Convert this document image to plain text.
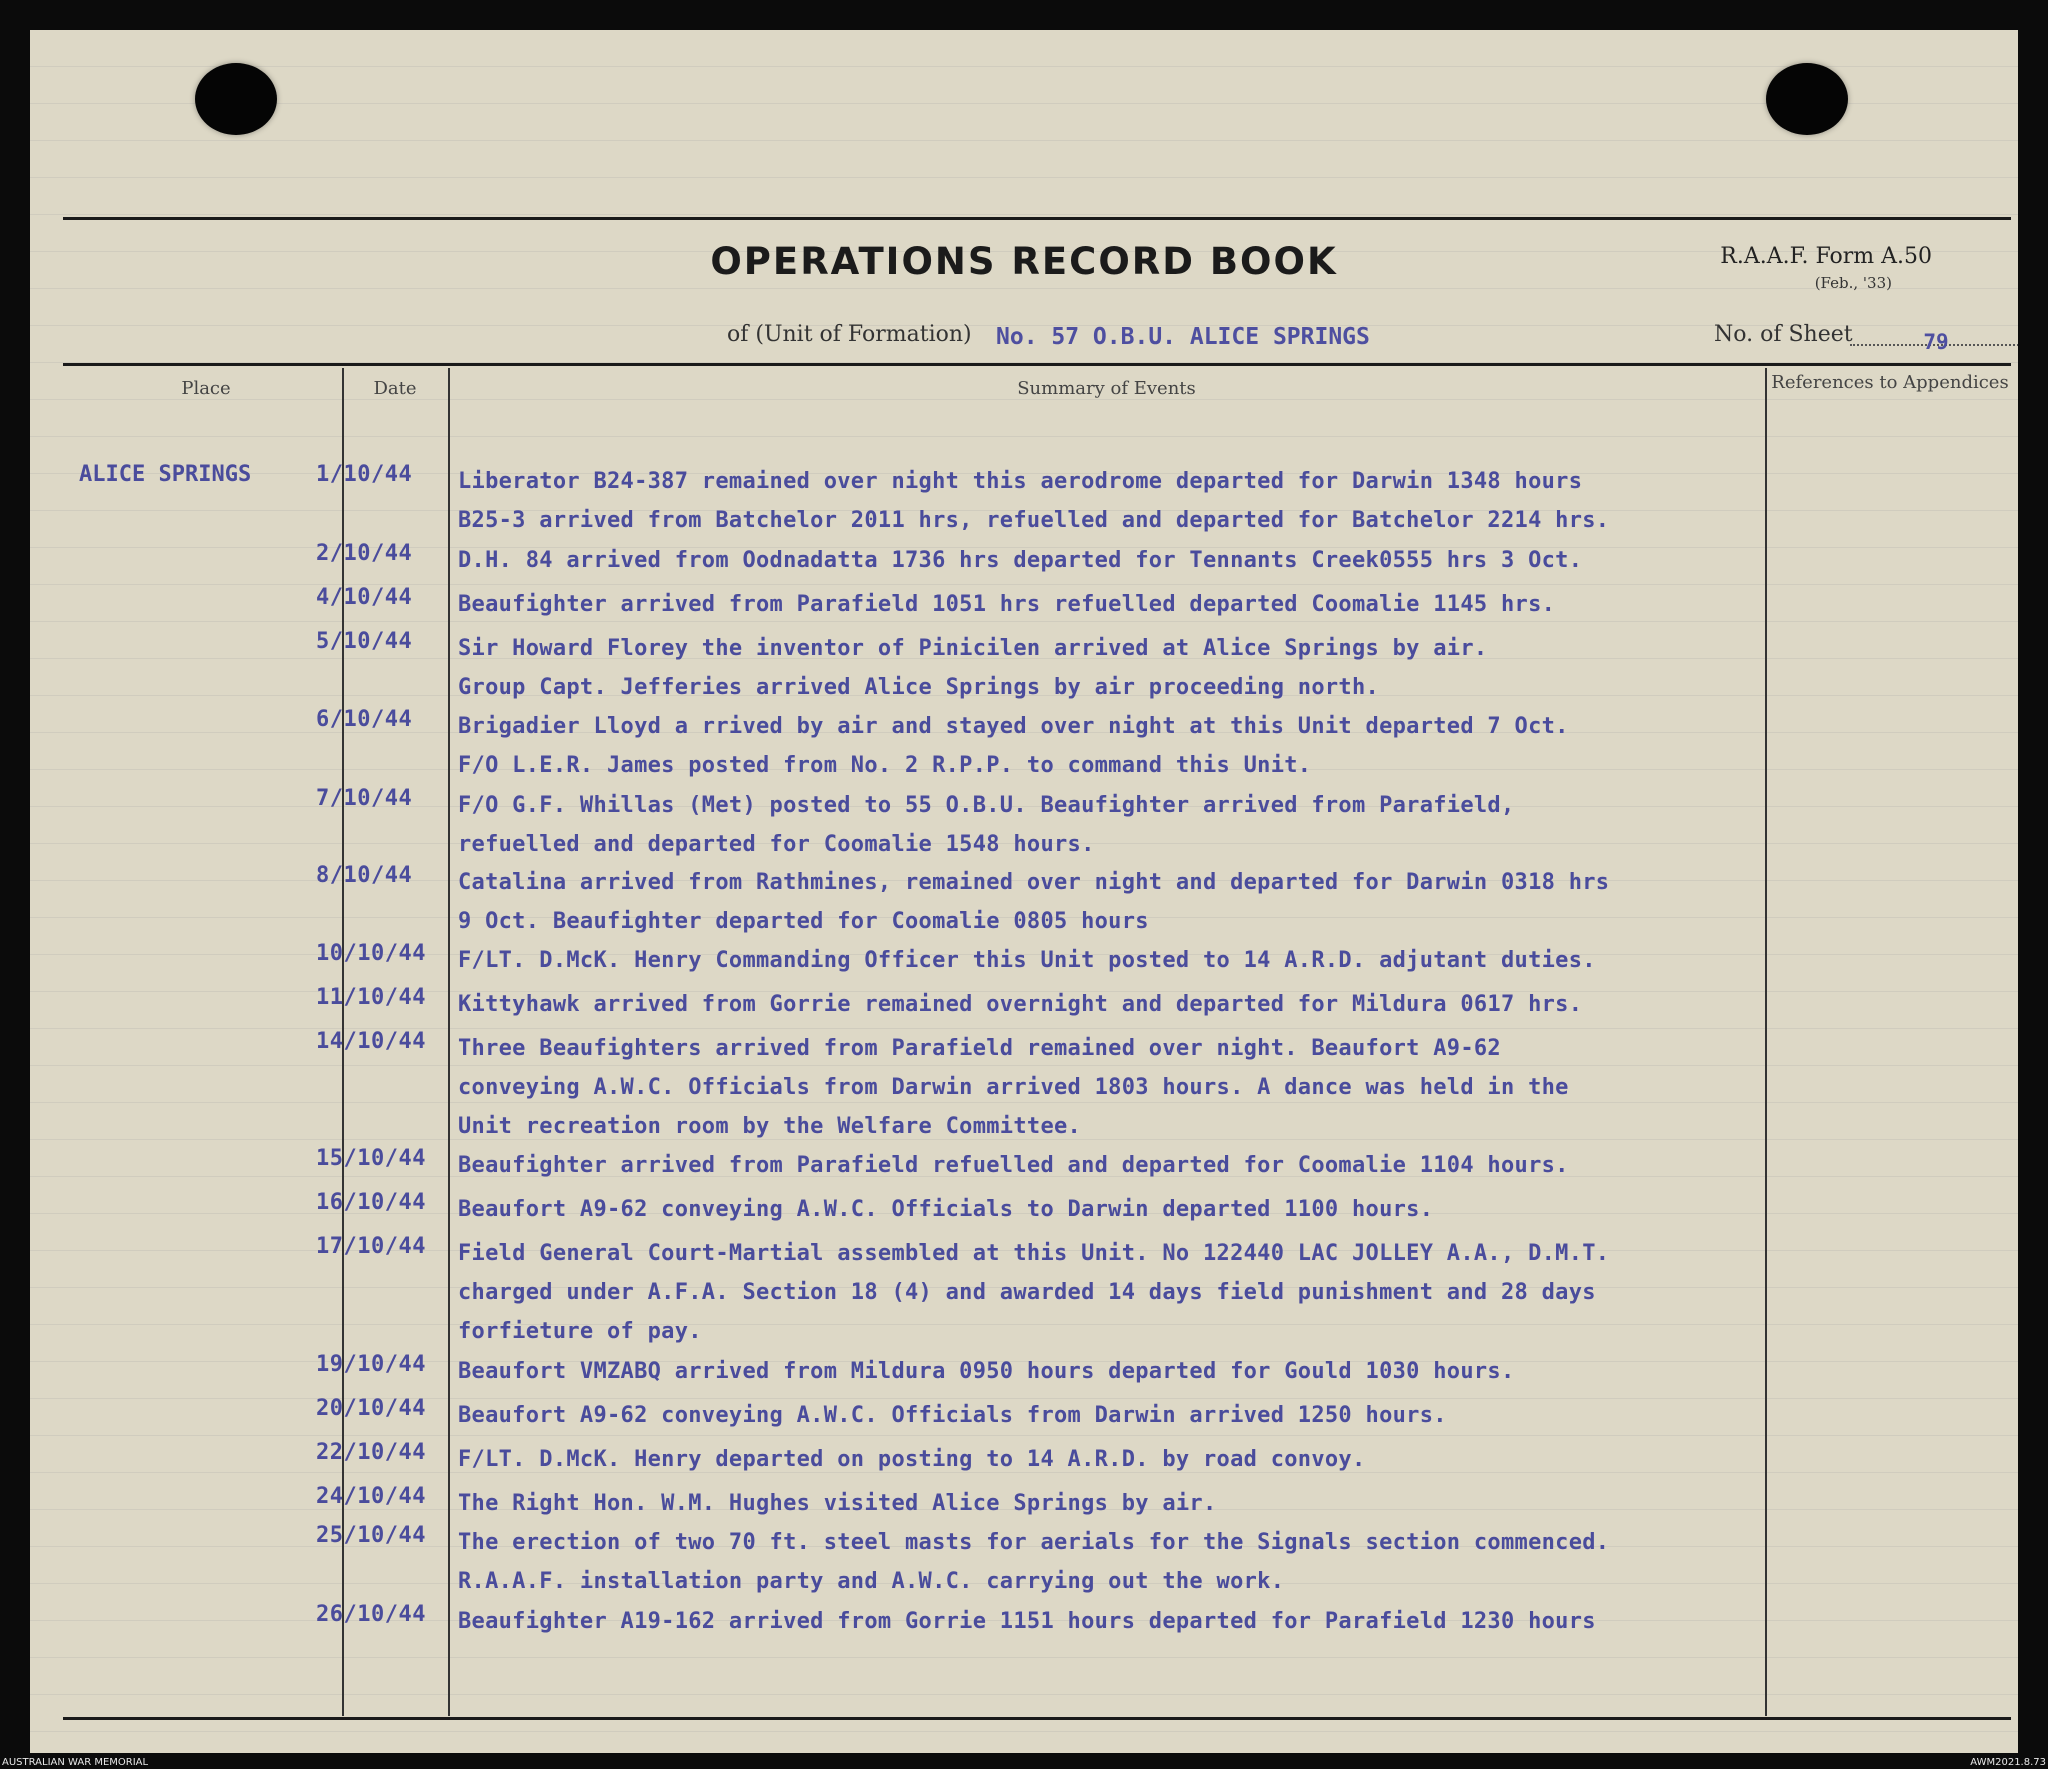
OPERATIONS RECORD BOOK	R.A.A.F. Form A.50
(Feb., '33)
of (Unit of Formation) No. 57 O.B.U. ALICE SPRINGS	No. of Sheet	79
Place	Date	Summary of Events	References to Appendices
ALICE SPRINGS	1/10/44 Liberator B24-387 remained over night this aerodrome departed for Darwin 1348 hours
B25-3 arrived from Batchelor 2011 hrs, refuelled and departed for Batchelor 2214 hrs.
2/10/44 D.H. 84 arrived from Oodnadatta 1736 hrs departed for Tennants Creek0555 hrs 3 Oct.
4/10/44 Beaufighter arrived from Parafield 1051 hrs refuelled departed Coomalie 1145 hrs.
5/10/44 Sir Howard Florey the inventor of Pinicilen arrived at Alice Springs by air.
Group Capt. Jefferies arrived Alice Springs by air proceeding north.
6/10/44 Brigadier Lloyd a rrived by air and stayed over night at this Unit departed 7 Oct.
F/O L.E.R. James posted from No. 2 R.P.P. to command this Unit.
7/10/44 F/O G.F. Whillas (Met) posted to 55 O.B.U. Beaufighter arrived from Parafield,
refuelled and departed for Coomalie 1548 hours.
8/10/44 Catalina arrived from Rathmines, remained over night and departed for Darwin 0318 hrs
9 Oct. Beaufighter departed for Coomalie 0805 hours
10/10/44 F/LT. D.McK. Henry Commanding Officer this Unit posted to 14 A.R.D. adjutant duties.
11/10/44 Kittyhawk arrived from Gorrie remained overnight and departed for Mildura 0617 hrs.
14/10/44 Three Beaufighters arrived from Parafield remained over night. Beaufort A9-62
conveying A.W.C. Officials from Darwin arrived 1803 hours. A dance was held in the
Unit recreation room by the Welfare Committee.
15/10/44 Beaufighter arrived from Parafield refuelled and departed for Coomalie 1104 hours.
16/10/44 Beaufort A9-62 conveying A.W.C. Officials to Darwin departed 1100 hours.
17/10/44 Field General Court-Martial assembled at this Unit. No 122440 LAC JOLLEY A.A., D.M.T.
charged under A.F.A. Section 18 (4) and awarded 14 days field punishment and 28 days
forfieture of pay.
19/10/44 Beaufort VMZABQ arrived from Mildura 0950 hours departed for Gould 1030 hours.
20/10/44 Beaufort A9-62 conveying A.W.C. Officials from Darwin arrived 1250 hours.
22/10/44 F/LT. D.McK. Henry departed on posting to 14 A.R.D. by road convoy.
24/10/44 The Right Hon. W.M. Hughes visited Alice Springs by air.
25/10/44 The erection of two 70 ft. steel masts for aerials for the Signals section commenced.
R.A.A.F. installation party and A.W.C. carrying out the work.
26/10/44 Beaufighter A19-162 arrived from Gorrie 1151 hours departed for Parafield 1230 hours
AUSTRALIAN WAR MEMORIAL	AWM2021.8.73
